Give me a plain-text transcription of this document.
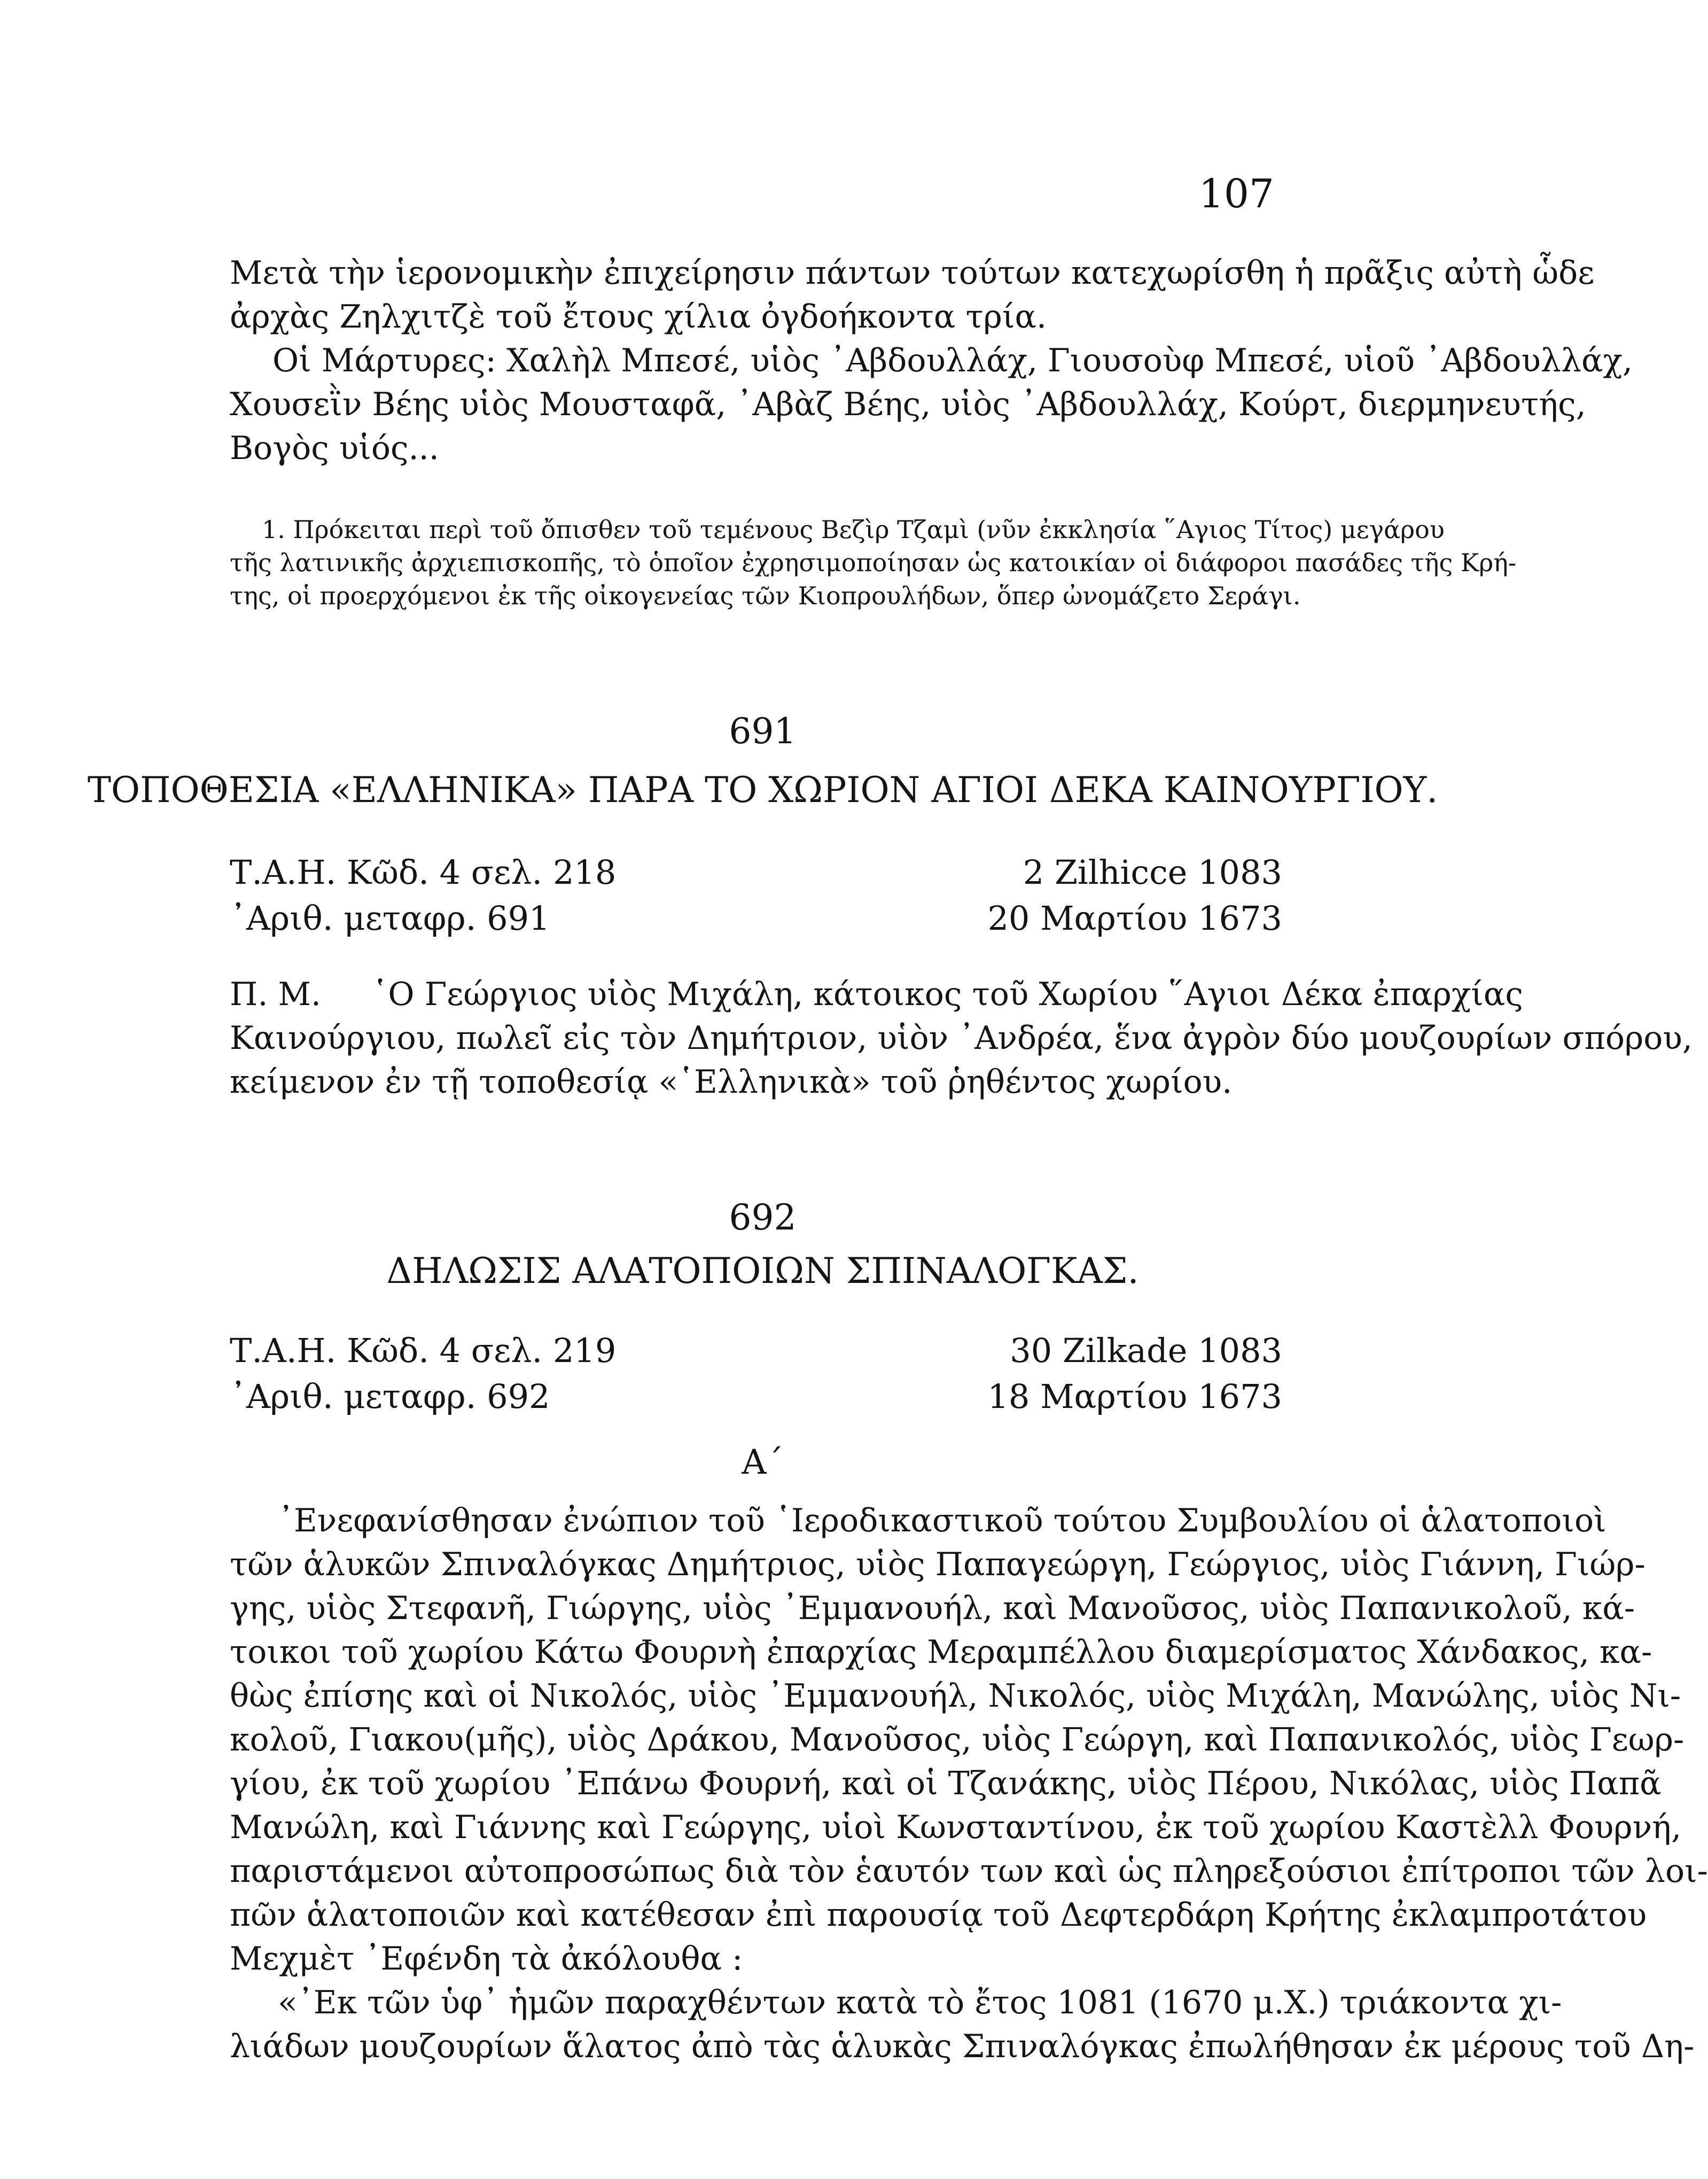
107
Μετὰ τὴν ἱερονομικὴν ἐπιχείρησιν πάντων τούτων κατεχωρίσθη ἡ πρᾶξις αὐτὴ ὧδε
ἀρχὰς Ζηλχιτζὲ τοῦ ἔτους χίλια ὀγδοήκοντα τρία.
Οἱ Μάρτυρες: Χαλὴλ Μπεσέ, υἱὸς ᾿Αβδουλλάχ, Γιουσοὺφ Μπεσέ, υἱοῦ ᾿Αβδουλλάχ,
Χουσεῒν Βέης υἱὸς Μουσταφᾶ, ᾿Αβὰζ Βέης, υἱὸς ᾿Αβδουλλάχ, Κούρτ, διερμηνευτής,
Βογὸς υἱός...
1. Πρόκειται περὶ τοῦ ὄπισθεν τοῦ τεμένους Βεζὶρ Τζαμὶ (νῦν ἐκκλησία ῞Αγιος Τίτος) μεγάρου
τῆς λατινικῆς ἀρχιεπισκοπῆς, τὸ ὁποῖον ἐχρησιμοποίησαν ὡς κατοικίαν οἱ διάφοροι πασάδες τῆς Κρή-
της, οἱ προερχόμενοι ἐκ τῆς οἰκογενείας τῶν Κιοπρουλήδων, ὅπερ ὠνομάζετο Σεράγι.
691
ΤΟΠΟΘΕΣΙΑ «ΕΛΛΗΝΙΚΑ» ΠΑΡΑ ΤΟ ΧΩΡΙΟΝ ΑΓΙΟΙ ΔΕΚΑ ΚΑΙΝΟΥΡΓΙΟΥ.
Τ.Α.Η. Κῶδ. 4 σελ. 218
᾿Αριθ. μεταφρ. 691
2 Zilhicce 1083
20 Μαρτίου 1673
Π. Μ.     ῾Ο Γεώργιος υἱὸς Μιχάλη, κάτοικος τοῦ Χωρίου ῞Αγιοι Δέκα ἐπαρχίας
Καινούργιου, πωλεῖ εἰς τὸν Δημήτριον, υἱὸν ᾿Ανδρέα, ἕνα ἀγρὸν δύο μουζουρίων σπόρου,
κείμενον ἐν τῇ τοποθεσίᾳ «῾Ελληνικὰ» τοῦ ῥηθέντος χωρίου.
692
ΔΗΛΩΣΙΣ ΑΛΑΤΟΠΟΙΩΝ ΣΠΙΝΑΛΟΓΚΑΣ.
Τ.Α.Η. Κῶδ. 4 σελ. 219
᾿Αριθ. μεταφρ. 692
30 Zilkade 1083
18 Μαρτίου 1673
Α΄
᾿Ενεφανίσθησαν ἐνώπιον τοῦ ῾Ιεροδικαστικοῦ τούτου Συμβουλίου οἱ ἁλατοποιοὶ
τῶν ἁλυκῶν Σπιναλόγκας Δημήτριος, υἱὸς Παπαγεώργη, Γεώργιος, υἱὸς Γιάννη, Γιώρ-
γης, υἱὸς Στεφανῆ, Γιώργης, υἱὸς ᾿Εμμανουήλ, καὶ Μανοῦσος, υἱὸς Παπανικολοῦ, κά-
τοικοι τοῦ χωρίου Κάτω Φουρνὴ ἐπαρχίας Μεραμπέλλου διαμερίσματος Χάνδακος, κα-
θὼς ἐπίσης καὶ οἱ Νικολός, υἱὸς ᾿Εμμανουήλ, Νικολός, υἱὸς Μιχάλη, Μανώλης, υἱὸς Νι-
κολοῦ, Γιακου(μῆς), υἱὸς Δράκου, Μανοῦσος, υἱὸς Γεώργη, καὶ Παπανικολός, υἱὸς Γεωρ-
γίου, ἐκ τοῦ χωρίου ᾿Επάνω Φουρνή, καὶ οἱ Τζανάκης, υἱὸς Πέρου, Νικόλας, υἱὸς Παπᾶ
Μανώλη, καὶ Γιάννης καὶ Γεώργης, υἱοὶ Κωνσταντίνου, ἐκ τοῦ χωρίου Καστὲλλ Φουρνή,
παριστάμενοι αὐτοπροσώπως διὰ τὸν ἑαυτόν των καὶ ὡς πληρεξούσιοι ἐπίτροποι τῶν λοι-
πῶν ἁλατοποιῶν καὶ κατέθεσαν ἐπὶ παρουσίᾳ τοῦ Δεφτερδάρη Κρήτης ἐκλαμπροτάτου
Μεχμὲτ ᾿Εφένδη τὰ ἀκόλουθα :
«᾿Εκ τῶν ὑφ᾿ ἡμῶν παραχθέντων κατὰ τὸ ἔτος 1081 (1670 μ.Χ.) τριάκοντα χι-
λιάδων μουζουρίων ἅλατος ἀπὸ τὰς ἁλυκὰς Σπιναλόγκας ἐπωλήθησαν ἐκ μέρους τοῦ Δη-
